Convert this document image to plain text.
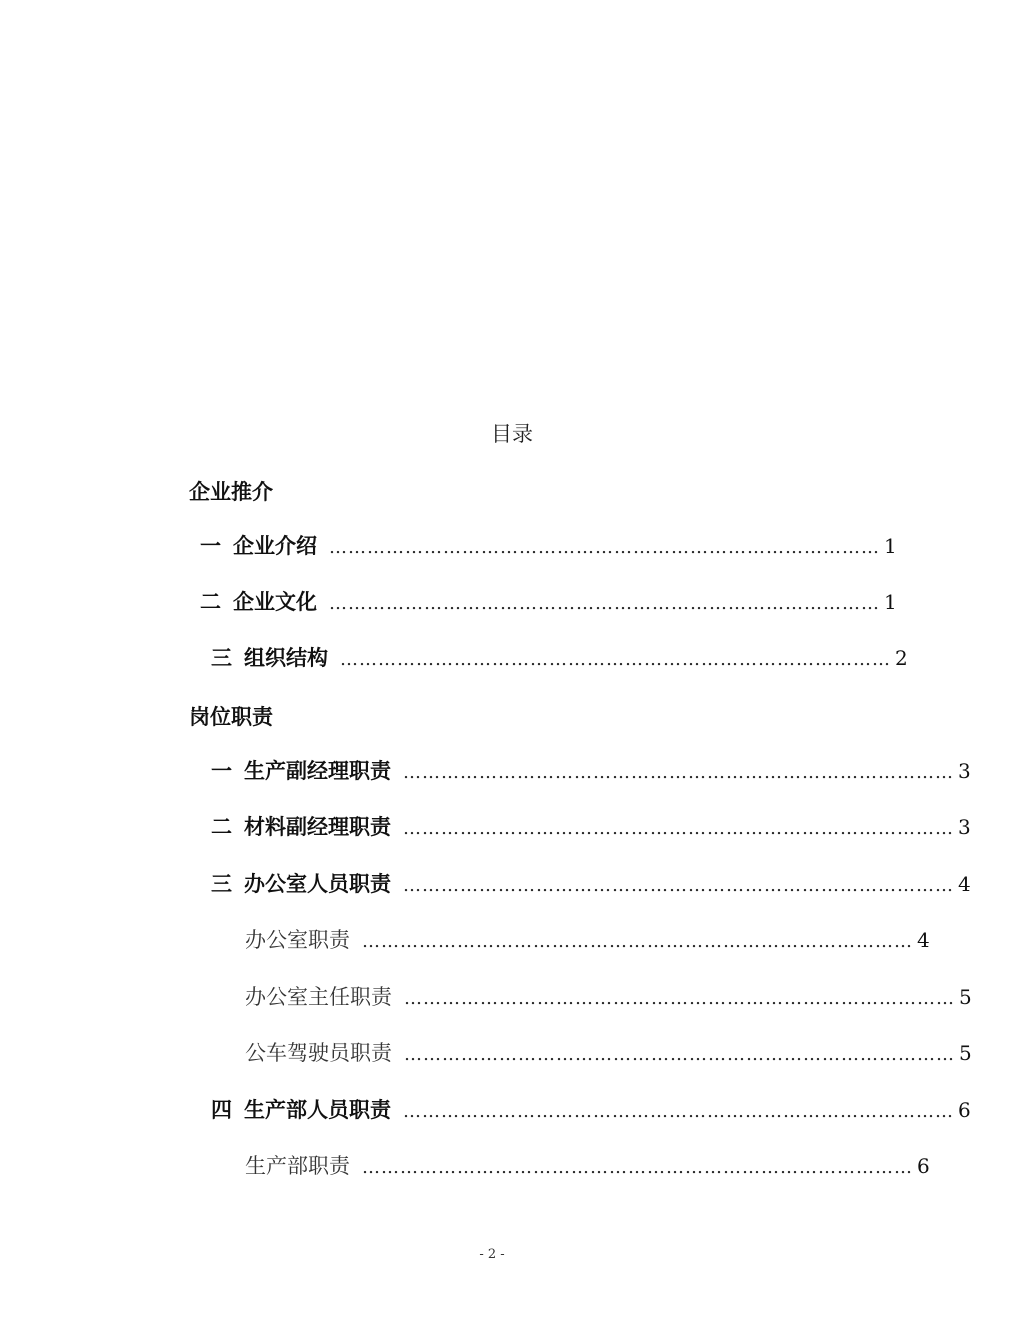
目录
企业推介
一 企业介绍 …………………………………………………………………………… 1
二 企业文化 …………………………………………………………………………… 1
三 组织结构 …………………………………………………………………………… 2
岗位职责
一 生产副经理职责 …………………………………………………………………………… 3
二 材料副经理职责 …………………………………………………………………………… 3
三 办公室人员职责 …………………………………………………………………………… 4
办公室职责 …………………………………………………………………………… 4
办公室主任职责 …………………………………………………………………………… 5
公车驾驶员职责 …………………………………………………………………………… 5
四 生产部人员职责 …………………………………………………………………………… 6
生产部职责 …………………………………………………………………………… 6
- 2 -
